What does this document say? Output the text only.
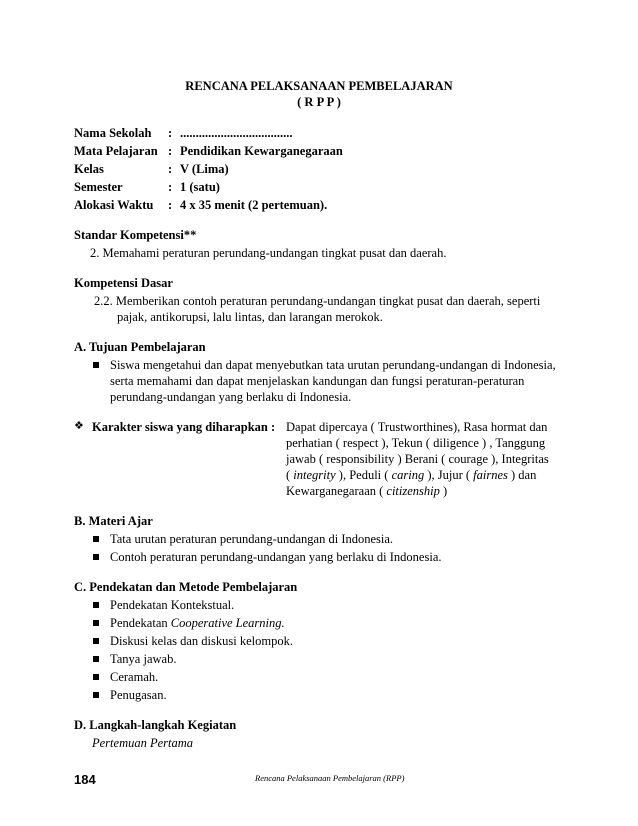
RENCANA PELAKSANAAN PEMBELAJARAN
( R P P )
Nama Sekolah : ....................................
Mata Pelajaran : Pendidikan Kewarganegaraan
Kelas	: V (Lima)
Semester	: 1 (satu)
Alokasi Waktu : 4 x 35 menit (2 pertemuan).
Standar Kompetensi**
2. Memahami peraturan perundang-undangan tingkat pusat dan daerah.
Kompetensi Dasar
2.2. Memberikan contoh peraturan perundang-undangan tingkat pusat dan daerah, seperti
pajak, antikorupsi, lalu lintas, dan larangan merokok.
A. Tujuan Pembelajaran
Siswa mengetahui dan dapat menyebutkan tata urutan perundang-undangan di Indonesia,
serta memahami dan dapat menjelaskan kandungan dan fungsi peraturan-peraturan
perundang-undangan yang berlaku di Indonesia.
❖ Karakter siswa yang diharapkan : Dapat dipercaya ( Trustworthines), Rasa hormat dan
perhatian ( respect ), Tekun ( diligence ) , Tanggung
jawab ( responsibility ) Berani ( courage ), Integritas
( integrity ), Peduli ( caring ), Jujur ( fairnes ) dan
Kewarganegaraan ( citizenship )
B. Materi Ajar
Tata urutan peraturan perundang-undangan di Indonesia.
Contoh peraturan perundang-undangan yang berlaku di Indonesia.
C. Pendekatan dan Metode Pembelajaran
Pendekatan Kontekstual.
Pendekatan Cooperative Learning.
Diskusi kelas dan diskusi kelompok.
Tanya jawab.
Ceramah.
Penugasan.
D. Langkah-langkah Kegiatan
Pertemuan Pertama
184	Rencana Pelaksanaan Pembelajaran (RPP)
